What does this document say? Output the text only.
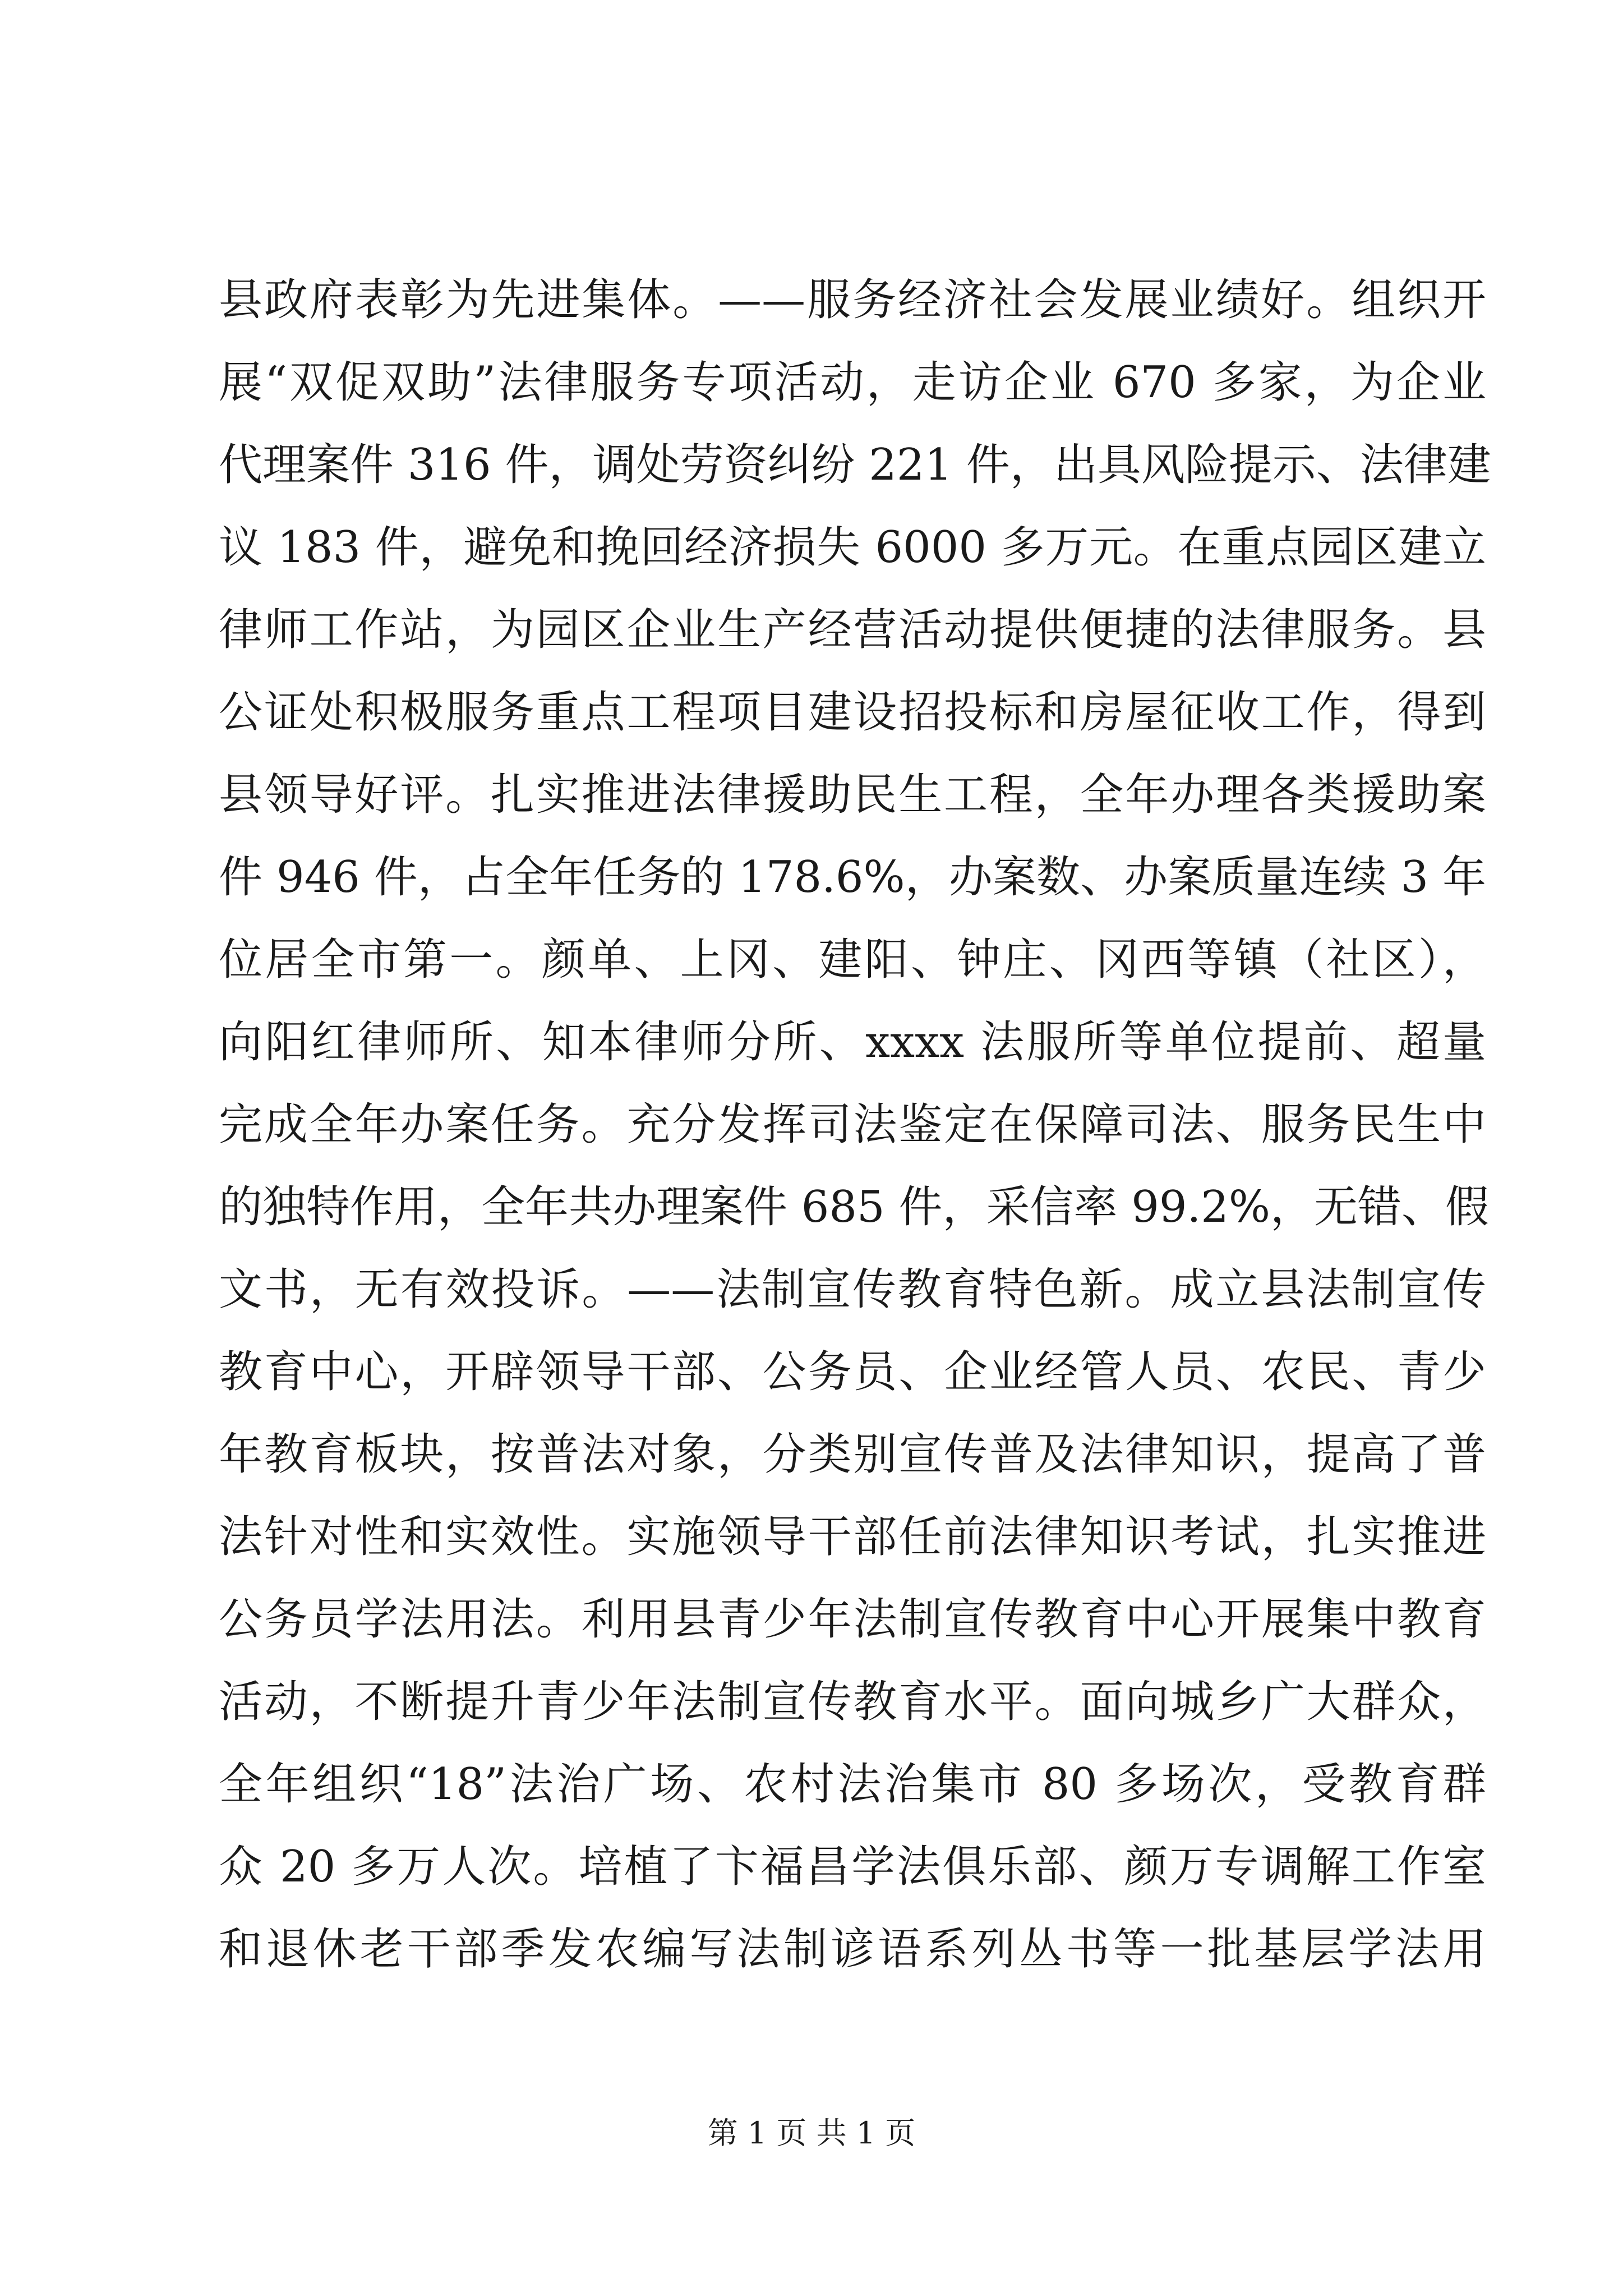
县政府表彰为先进集体。——服务经济社会发展业绩好。组织开
展“双促双助”法律服务专项活动，走访企业 670 多家，为企业
代理案件 316 件，调处劳资纠纷 221 件，出具风险提示、法律建
议 183 件，避免和挽回经济损失 6000 多万元。在重点园区建立
律师工作站，为园区企业生产经营活动提供便捷的法律服务。县
公证处积极服务重点工程项目建设招投标和房屋征收工作，得到
县领导好评。扎实推进法律援助民生工程，全年办理各类援助案
件 946 件，占全年任务的 178.6%，办案数、办案质量连续 3 年
位居全市第一。颜单、上冈、建阳、钟庄、冈西等镇（社区），
向阳红律师所、知本律师分所、xxxx 法服所等单位提前、超量
完成全年办案任务。充分发挥司法鉴定在保障司法、服务民生中
的独特作用，全年共办理案件 685 件，采信率 99.2%，无错、假
文书，无有效投诉。——法制宣传教育特色新。成立县法制宣传
教育中心，开辟领导干部、公务员、企业经管人员、农民、青少
年教育板块，按普法对象，分类别宣传普及法律知识，提高了普
法针对性和实效性。实施领导干部任前法律知识考试，扎实推进
公务员学法用法。利用县青少年法制宣传教育中心开展集中教育
活动，不断提升青少年法制宣传教育水平。面向城乡广大群众，
全年组织“18”法治广场、农村法治集市 80 多场次，受教育群
众 20 多万人次。培植了卞福昌学法俱乐部、颜万专调解工作室
和退休老干部季发农编写法制谚语系列丛书等一批基层学法用
第 1 页 共 1 页
